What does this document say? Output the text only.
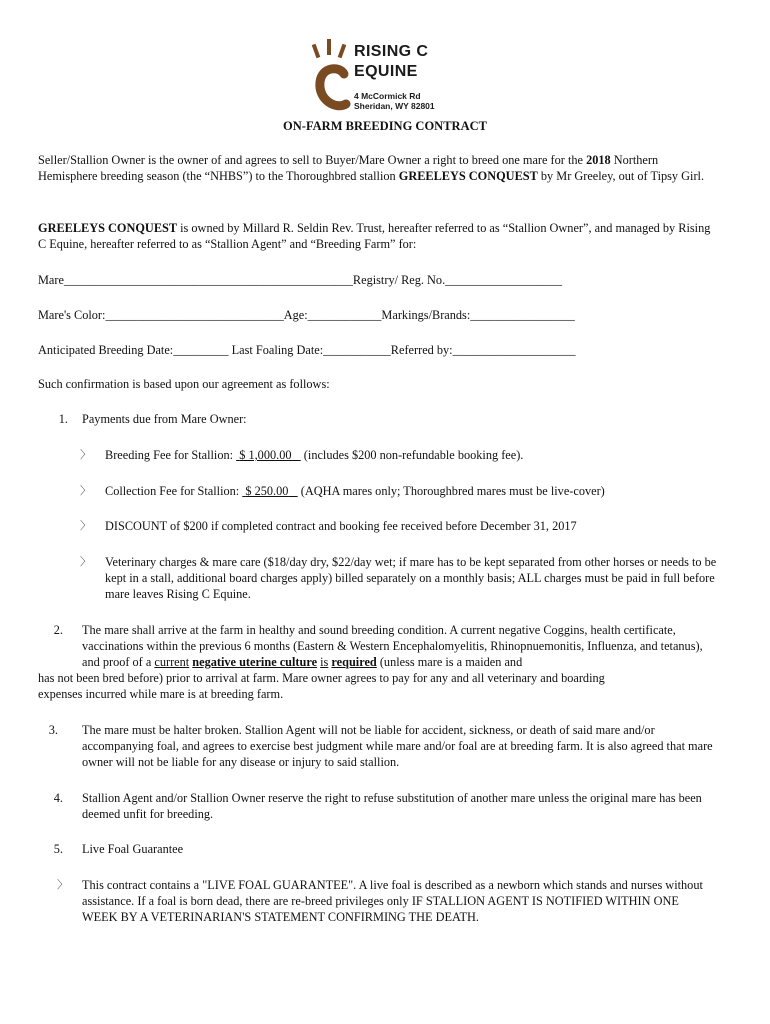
RISING C
EQUINE
4 McCormick Rd
Sheridan, WY 82801
ON-FARM BREEDING CONTRACT

Seller/Stallion Owner is the owner of and agrees to sell to Buyer/Mare Owner a right to breed one mare for the 2018 Northern Hemisphere breeding season (the “NHBS”) to the Thoroughbred stallion GREELEYS CONQUEST by Mr Greeley, out of Tipsy Girl.

GREELEYS CONQUEST is owned by Millard R. Seldin Rev. Trust, hereafter referred to as “Stallion Owner”, and managed by Rising C Equine, hereafter referred to as “Stallion Agent” and “Breeding Farm” for:

Mare_______________________________________________Registry/ Reg. No.___________________
Mare's Color:_____________________________Age:____________Markings/Brands:_________________
Anticipated Breeding Date:_________ Last Foaling Date:___________Referred by:____________________
Such confirmation is based upon our agreement as follows:
1. Payments due from Mare Owner:
〉 Breeding Fee for Stallion:  $ 1,000.00    (includes $200 non-refundable booking fee).
〉 Collection Fee for Stallion:  $ 250.00    (AQHA mares only; Thoroughbred mares must be live-cover)
〉 DISCOUNT of $200 if completed contract and booking fee received before December 31, 2017
〉 Veterinary charges & mare care ($18/day dry, $22/day wet; if mare has to be kept separated from other horses or needs to be kept in a stall, additional board charges apply) billed separately on a monthly basis; ALL charges must be paid in full before mare leaves Rising C Equine.
2. The mare shall arrive at the farm in healthy and sound breeding condition. A current negative Coggins, health certificate, vaccinations within the previous 6 months (Eastern & Western Encephalomyelitis, Rhinopnuemonitis, Influenza, and tetanus), and proof of a current negative uterine culture is required (unless mare is a maiden and
has not been bred before) prior to arrival at farm. Mare owner agrees to pay for any and all veterinary and boarding
expenses incurred while mare is at breeding farm.
3. The mare must be halter broken. Stallion Agent will not be liable for accident, sickness, or death of said mare and/or accompanying foal, and agrees to exercise best judgment while mare and/or foal are at breeding farm. It is also agreed that mare owner will not be liable for any disease or injury to said stallion.
4. Stallion Agent and/or Stallion Owner reserve the right to refuse substitution of another mare unless the original mare has been deemed unfit for breeding.
5. Live Foal Guarantee
〉 This contract contains a "LIVE FOAL GUARANTEE". A live foal is described as a newborn which stands and nurses without assistance. If a foal is born dead, there are re-breed privileges only IF STALLION AGENT IS NOTIFIED WITHIN ONE WEEK BY A VETERINARIAN'S STATEMENT CONFIRMING THE DEATH.
